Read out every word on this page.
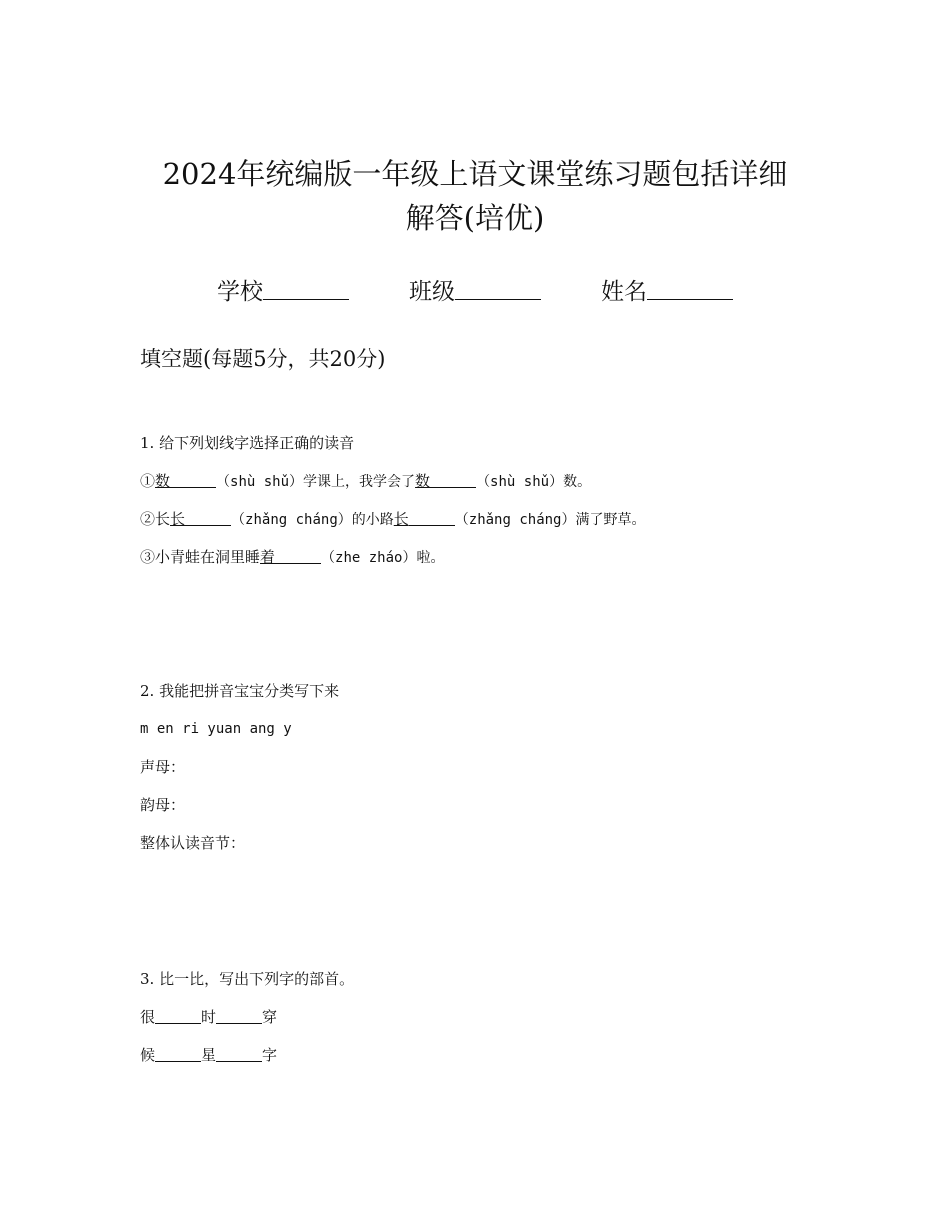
2024年统编版一年级上语文课堂练习题包括详细
解答(培优)
学校	班级	姓名
填空题(每题5分，共20分)
1. 给下列划线字选择正确的读音
①数	（shù shǔ）学课上，我学会了数	（shù shǔ）数。
②长长	（zhǎng cháng）的小路长	（zhǎng cháng）满了野草。
③小青蛙在洞里睡着	（zhe zháo）啦。
2. 我能把拼音宝宝分类写下来
m en ri yuan ang y
声母：
韵母：
整体认读音节：
3. 比一比，写出下列字的部首。
很	时	穿
候	星	字
